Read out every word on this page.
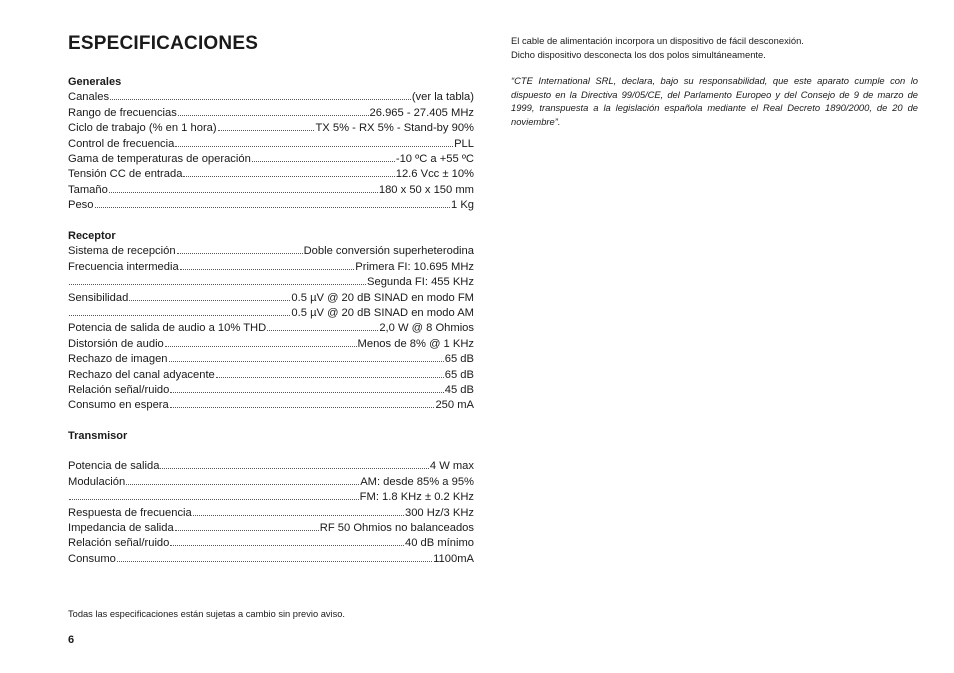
ESPECIFICACIONES
Generales
Canales	(ver la tabla)
Rango de frecuencias	26.965 - 27.405 MHz
Ciclo de trabajo (% en 1 hora)	TX 5% - RX 5% - Stand-by 90%
Control de frecuencia	PLL
Gama de temperaturas de operación	-10 ºC a +55 ºC
Tensión CC de entrada	12.6 Vcc ± 10%
Tamaño	180 x 50 x 150 mm
Peso	1 Kg
Receptor
Sistema de recepción	Doble conversión superheterodina
Frecuencia intermedia	Primera FI: 10.695 MHz
Segunda FI: 455 KHz
Sensibilidad	0.5 µV @ 20 dB SINAD en modo FM
0.5 µV @ 20 dB SINAD en modo AM
Potencia de salida de audio a 10% THD	2,0 W @ 8 Ohmios
Distorsión de audio	Menos de 8% @ 1 KHz
Rechazo de imagen	65 dB
Rechazo del canal adyacente	65 dB
Relación señal/ruido	45 dB
Consumo en espera	250 mA
Transmisor
Potencia de salida	4 W max
Modulación	AM: desde 85% a 95%
FM: 1.8 KHz ± 0.2 KHz
Respuesta de frecuencia	300 Hz/3 KHz
Impedancia de salida	RF 50 Ohmios no balanceados
Relación señal/ruido	40 dB mínimo
Consumo	1100mA
Todas las especificaciones están sujetas a cambio sin previo aviso.
6

El cable de alimentación incorpora un dispositivo de fácil desconexión.

Dicho dispositivo desconecta los dos polos simultáneamente.

“CTE International SRL, declara, bajo su responsabilidad, que este aparato cumple con lo dispuesto en la Directiva 99/05/CE, del Parlamento Europeo y del Consejo de 9 de marzo de 1999, transpuesta a la legislación española mediante el Real Decreto 1890/2000, de 20 de noviembre”.
